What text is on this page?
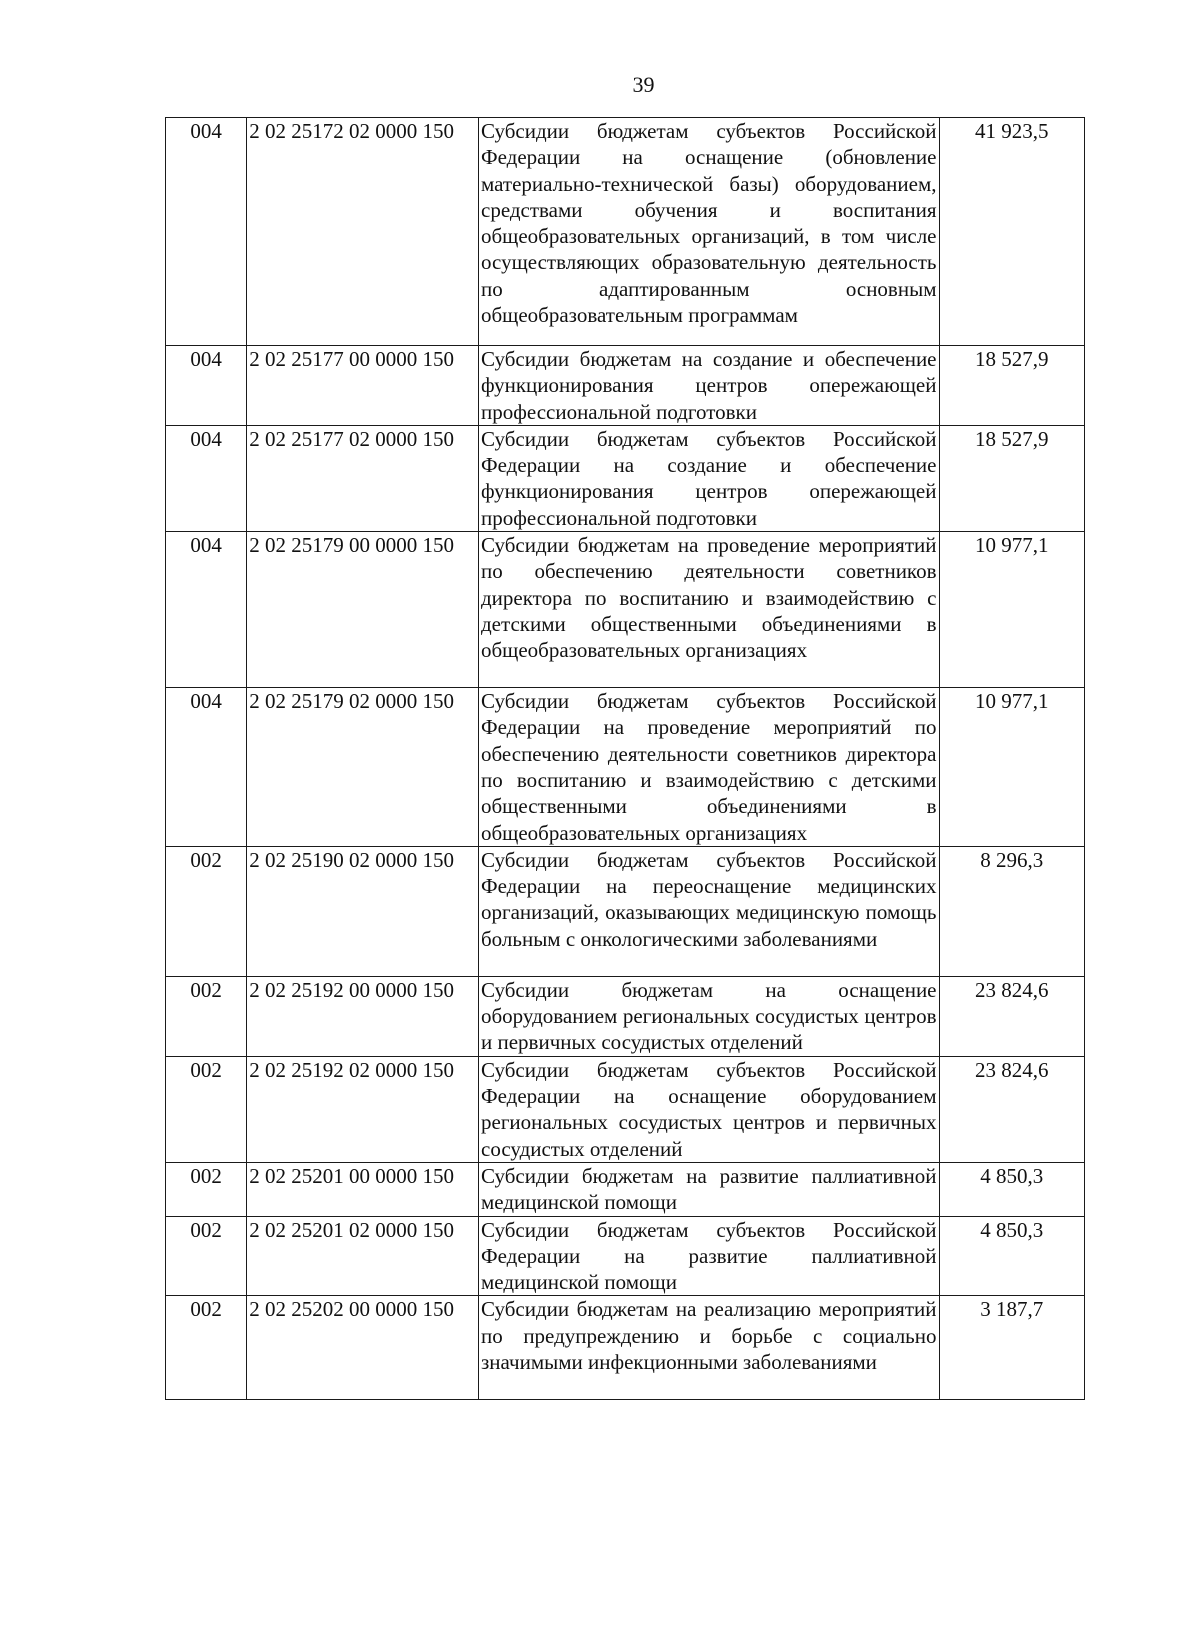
39
004	2 02 25172 02 0000 150	Субсидии бюджетам субъектов Российской Федерации на оснащение (обновление материально-технической базы) оборудованием, средствами обучения и воспитания общеобразовательных организаций, в том числе осуществляющих образовательную деятельность по адаптированным основным общеобразовательным программам	41 923,5
004	2 02 25177 00 0000 150	Субсидии бюджетам на создание и обеспечение функционирования центров опережающей профессиональной подготовки	18 527,9
004	2 02 25177 02 0000 150	Субсидии бюджетам субъектов Российской Федерации на создание и обеспечение функционирования центров опережающей профессиональной подготовки	18 527,9
004	2 02 25179 00 0000 150	Субсидии бюджетам на проведение мероприятий по обеспечению деятельности советников директора по воспитанию и взаимодействию с детскими общественными объединениями в общеобразовательных организациях	10 977,1
004	2 02 25179 02 0000 150	Субсидии бюджетам субъектов Российской Федерации на проведение мероприятий по обеспечению деятельности советников директора по воспитанию и взаимодействию с детскими общественными объединениями в общеобразовательных организациях	10 977,1
002	2 02 25190 02 0000 150	Субсидии бюджетам субъектов Российской Федерации на переоснащение медицинских организаций, оказывающих медицинскую помощь больным с онкологическими заболеваниями	8 296,3
002	2 02 25192 00 0000 150	Субсидии бюджетам на оснащение оборудованием региональных сосудистых центров и первичных сосудистых отделений	23 824,6
002	2 02 25192 02 0000 150	Субсидии бюджетам субъектов Российской Федерации на оснащение оборудованием региональных сосудистых центров и первичных сосудистых отделений	23 824,6
002	2 02 25201 00 0000 150	Субсидии бюджетам на развитие паллиативной медицинской помощи	4 850,3
002	2 02 25201 02 0000 150	Субсидии бюджетам субъектов Российской Федерации на развитие паллиативной медицинской помощи	4 850,3
002	2 02 25202 00 0000 150	Субсидии бюджетам на реализацию мероприятий по предупреждению и борьбе с социально значимыми инфекционными заболеваниями	3 187,7
